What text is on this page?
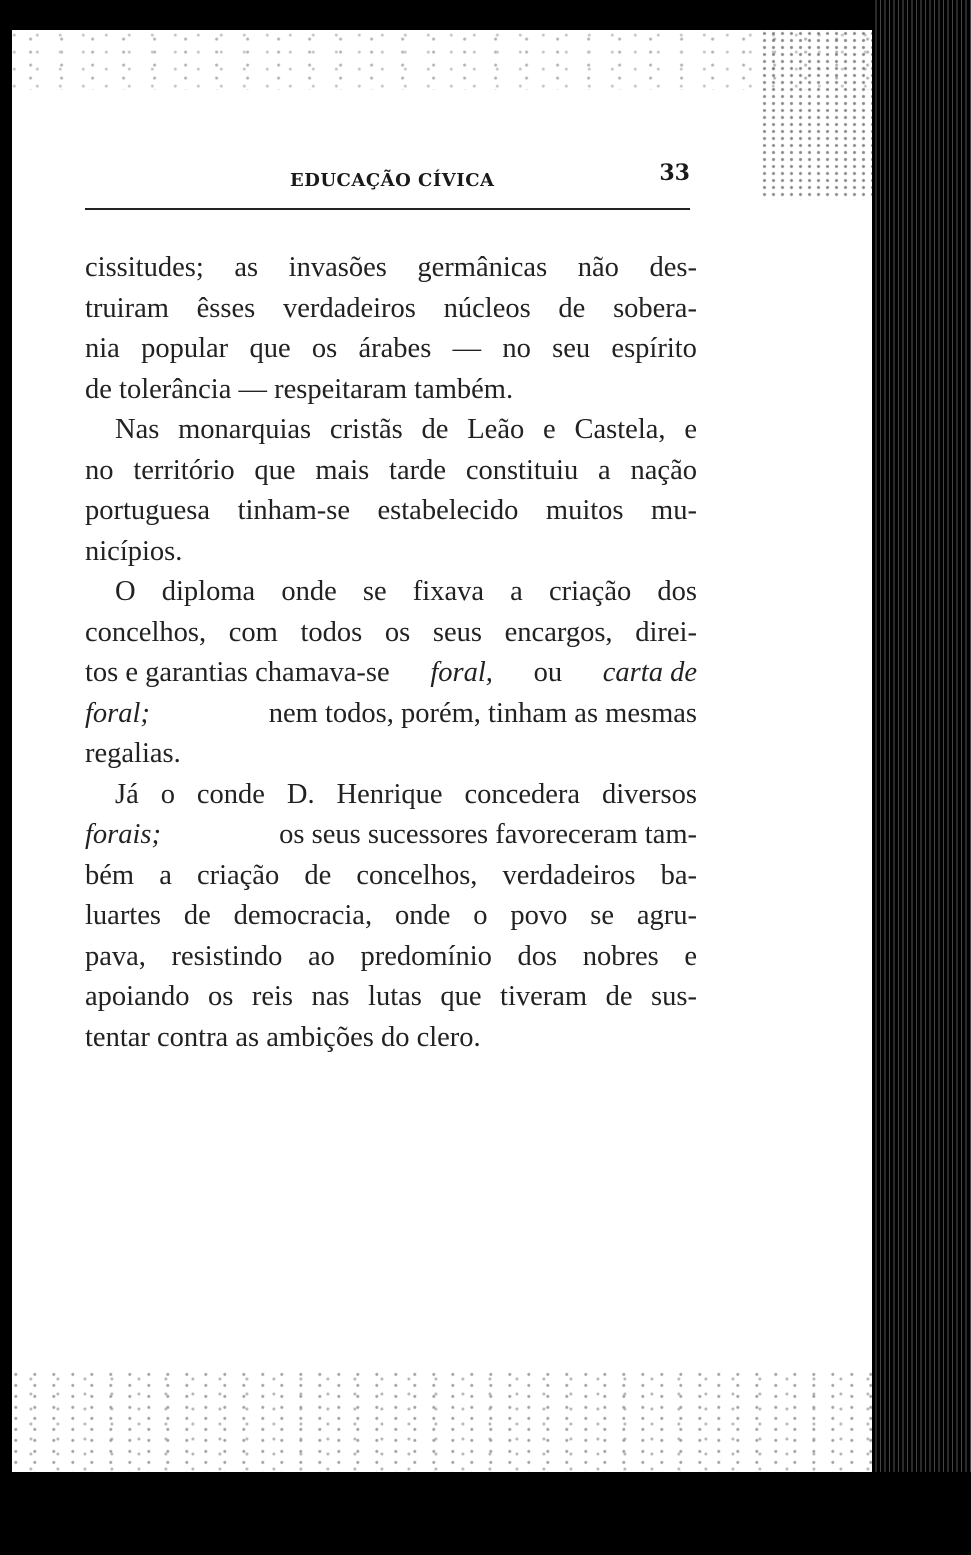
EDUCAÇÃO CÍVICA	33
cissitudes; as invasões germânicas não des-
truiram êsses verdadeiros núcleos de sobera-
nia popular que os árabes — no seu espírito
de tolerância — respeitaram também.
Nas monarquias cristãs de Leão e Castela, e
no território que mais tarde constituiu a nação
portuguesa tinham-se estabelecido muitos mu-
nicípios.
O diploma onde se fixava a criação dos
concelhos, com todos os seus encargos, direi-
tos e garantias chamava-se foral, ou carta de
foral;	nem todos, porém, tinham as mesmas
regalias.
Já o conde D. Henrique concedera diversos
forais;	os seus sucessores favoreceram tam-
bém a criação de concelhos, verdadeiros ba-
luartes de democracia, onde o povo se agru-
pava, resistindo ao predomínio dos nobres e
apoiando os reis nas lutas que tiveram de sus-
tentar contra as ambições do clero.
